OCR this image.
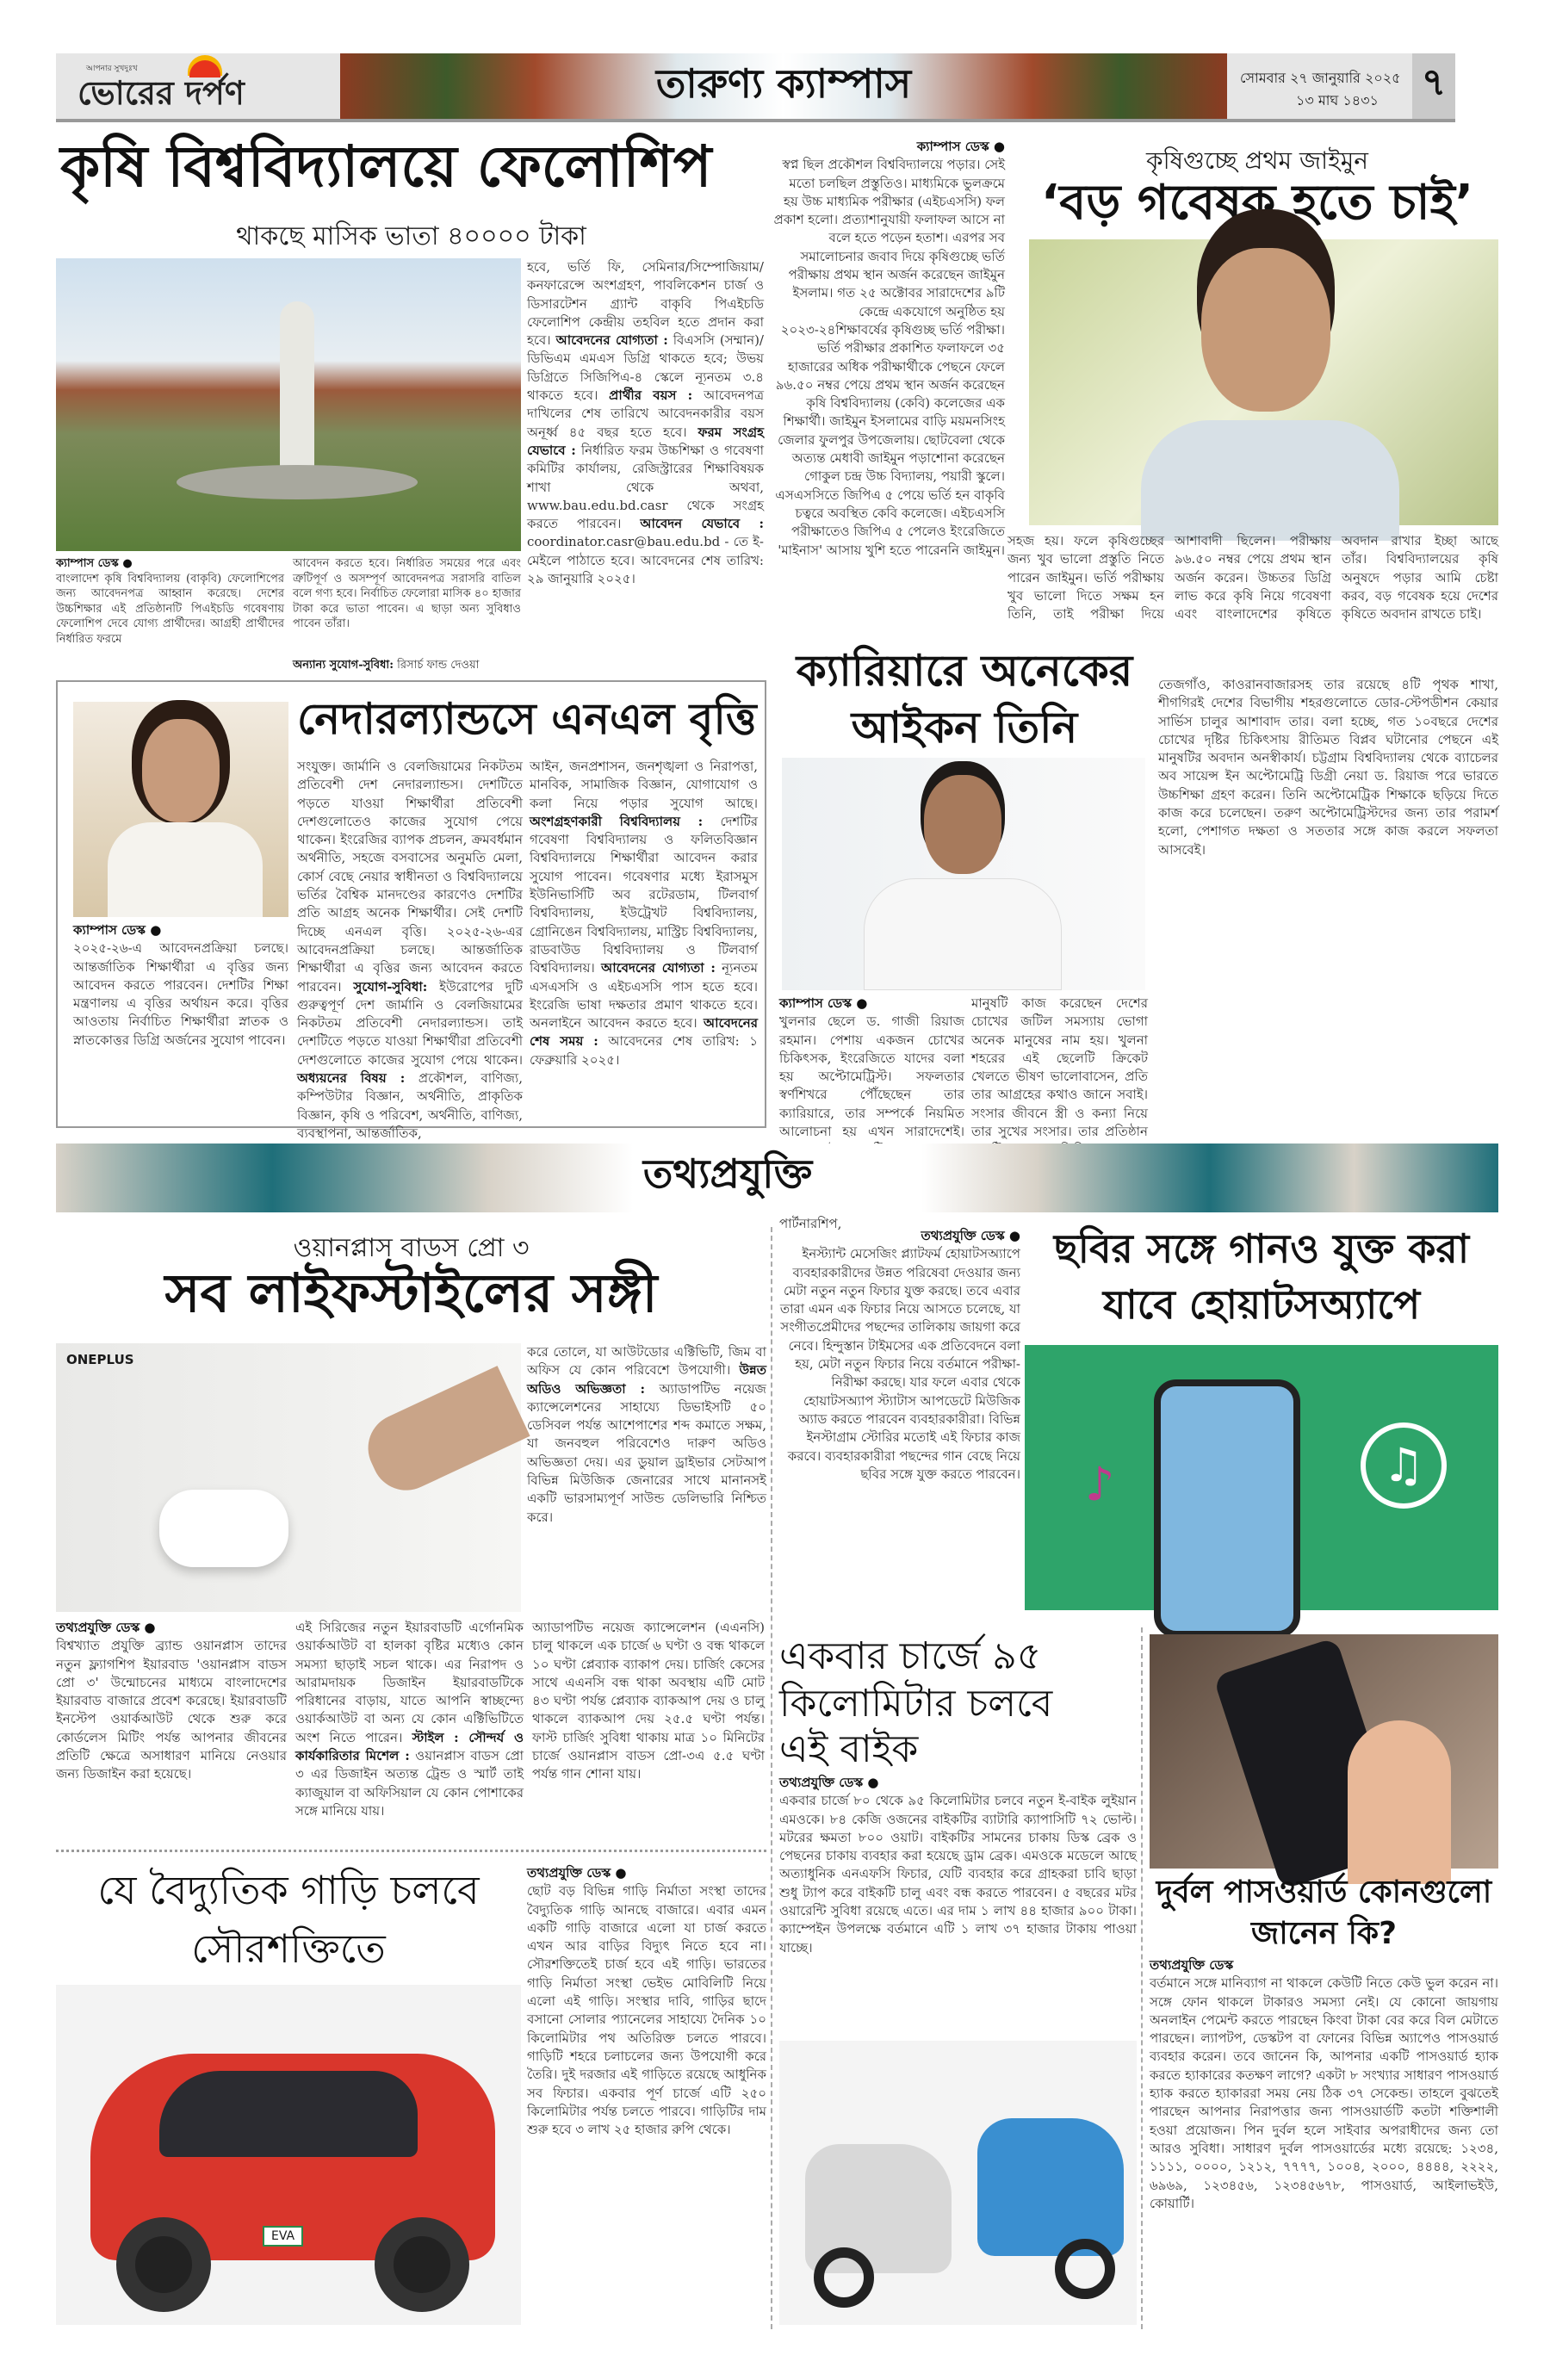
আপনার সুখদুঃখ
ভোরের দর্পণ	তারুণ্য ক্যাম্পাস	সোমবার ২৭ জানুয়ারি ২০২৫
১৩ মাঘ ১৪৩১ ৭
কৃষি বিশ্ববিদ্যালয়ে ফেলোশিপ
থাকছে মাসিক ভাতা ৪০০০০ টাকা
ক্যাম্পাস ডেস্ক ●
বাংলাদেশ কৃষি বিশ্ববিদ্যালয় (বাকৃবি) ফেলোশিপের জন্য আবেদনপত্র আহ্বান করেছে। দেশের উচ্চশিক্ষার এই প্রতিষ্ঠানটি পিএইচডি গবেষণায় ফেলোশিপ দেবে যোগ্য প্রার্থীদের। আগ্রহী প্রার্থীদের নির্ধারিত ফরমে
আবেদন করতে হবে। নির্ধারিত সময়ের পরে এবং ত্রুটিপূর্ণ ও অসম্পূর্ণ আবেদনপত্র সরাসরি বাতিল বলে গণ্য হবে। নির্বাচিত ফেলোরা মাসিক ৪০ হাজার টাকা করে ভাতা পাবেন। এ ছাড়া অন্য সুবিধাও পাবেন তাঁরা।
অন্যান্য সুযোগ-সুবিধা: রিসার্চ ফান্ড দেওয়া
হবে, ভর্তি ফি, সেমিনার/সিম্পোজিয়াম/কনফারেন্সে অংশগ্রহণ, পাবলিকেশন চার্জ ও ডিসারটেশন গ্র্যান্ট বাকৃবি পিএইচডি ফেলোশিপ কেন্দ্রীয় তহবিল হতে প্রদান করা হবে। আবেদনের যোগ্যতা : বিএসসি (সম্মান)/ডিভিএম এমএস ডিগ্রি থাকতে হবে; উভয় ডিগ্রিতে সিজিপিএ-৪ স্কেলে ন্যূনতম ৩.৪ থাকতে হবে। প্রার্থীর বয়স : আবেদনপত্র দাখিলের শেষ তারিখে আবেদনকারীর বয়স অনূর্ধ্ব ৪৫ বছর হতে হবে। ফরম সংগ্রহ যেভাবে : নির্ধারিত ফরম উচ্চশিক্ষা ও গবেষণা কমিটির কার্যালয়, রেজিস্ট্রারের শিক্ষাবিষয়ক শাখা থেকে অথবা, www.bau.edu.bd.casr থেকে সংগ্রহ করতে পারবেন। আবেদন যেভাবে : coordinator.casr@bau.edu.bd - তে ই-মেইলে পাঠাতে হবে। আবেদনের শেষ তারিখ: ২৯ জানুয়ারি ২০২৫।
ক্যাম্পাস ডেস্ক ●
স্বপ্ন ছিল প্রকৌশল বিশ্ববিদ্যালয়ে পড়ার। সেই মতো চলছিল প্রস্তুতিও। মাধ্যমিকে ভুলক্রমে হয় উচ্চ মাধ্যমিক পরীক্ষার (এইচএসসি) ফল প্রকাশ হলো। প্রত্যাশানুযায়ী ফলাফল আসে না বলে হতে পড়েন হতাশ। এরপর সব সমালোচনার জবাব দিয়ে কৃষিগুচ্ছে ভর্তি পরীক্ষায় প্রথম স্থান অর্জন করেছেন জাইমুন ইসলাম। গত ২৫ অক্টোবর সারাদেশের ৯টি কেন্দ্রে একযোগে অনুষ্ঠিত হয় ২০২৩-২৪শিক্ষাবর্ষের কৃষিগুচ্ছ ভর্তি পরীক্ষা। ভর্তি পরীক্ষার প্রকাশিত ফলাফলে ৩৫ হাজারের অধিক পরীক্ষার্থীকে পেছনে ফেলে ৯৬.৫০ নম্বর পেয়ে প্রথম স্থান অর্জন করেছেন কৃষি বিশ্ববিদ্যালয় (কেবি) কলেজের এক শিক্ষার্থী। জাইমুন ইসলামের বাড়ি ময়মনসিংহ জেলার ফুলপুর উপজেলায়। ছোটবেলা থেকে অত্যন্ত মেধাবী জাইমুন পড়াশোনা করেছেন গোকুল চন্দ্র উচ্চ বিদ্যালয়, পয়ারী স্কুলে। এসএসসিতে জিপিএ ৫ পেয়ে ভর্তি হন বাকৃবি চত্বরে অবস্থিত কেবি কলেজে। এইচএসসি পরীক্ষাতেও জিপিএ ৫ পেলেও ইংরেজিতে 'মাইনাস' আসায় খুশি হতে পারেননি জাইমুন।
কৃষিগুচ্ছে প্রথম জাইমুন
‘বড় গবেষক হতে চাই’
সহজ হয়। ফলে কৃষিগুচ্ছের জন্য খুব ভালো প্রস্তুতি নিতে পারেন জাইমুন। ভর্তি পরীক্ষায় খুব ভালো দিতে সক্ষম হন তিনি, তাই পরীক্ষা দিয়ে আশাবাদী ছিলেন। পরীক্ষায় ৯৬.৫০ নম্বর পেয়ে প্রথম স্থান অর্জন করেন। উচ্চতর ডিগ্রি লাভ করে কৃষি নিয়ে গবেষণা এবং বাংলাদেশের কৃষিতে অবদান রাখার ইচ্ছা আছে তাঁর। বিশ্ববিদ্যালয়ের কৃষি অনুষদে পড়ার আমি চেষ্টা করব, বড় গবেষক হয়ে দেশের কৃষিতে অবদান রাখতে চাই।
নেদারল্যান্ডসে এনএল বৃত্তি
ক্যাম্পাস ডেস্ক ●
২০২৫-২৬-এ আবেদনপ্রক্রিয়া চলছে। আন্তর্জাতিক শিক্ষার্থীরা এ বৃত্তির জন্য আবেদন করতে পারবেন। দেশটির শিক্ষা মন্ত্রণালয় এ বৃত্তির অর্থায়ন করে। বৃত্তির আওতায় নির্বাচিত শিক্ষার্থীরা স্নাতক ও স্নাতকোত্তর ডিগ্রি অর্জনের সুযোগ পাবেন।
সংযুক্ত। জার্মানি ও বেলজিয়ামের নিকটতম প্রতিবেশী দেশ নেদারল্যান্ডস। দেশটিতে পড়তে যাওয়া শিক্ষার্থীরা প্রতিবেশী দেশগুলোতেও কাজের সুযোগ পেয়ে থাকেন। ইংরেজির ব্যাপক প্রচলন, ক্রমবর্ধমান অর্থনীতি, সহজে বসবাসের অনুমতি মেলা, কোর্স বেছে নেয়ার স্বাধীনতা ও বিশ্ববিদ্যালয়ে ভর্তির বৈশ্বিক মানদণ্ডের কারণেও দেশটির প্রতি আগ্রহ অনেক শিক্ষার্থীর। সেই দেশটি দিচ্ছে এনএল বৃত্তি। ২০২৫-২৬-এর আবেদনপ্রক্রিয়া চলছে। আন্তর্জাতিক শিক্ষার্থীরা এ বৃত্তির জন্য আবেদন করতে পারবেন। সুযোগ-সুবিধা: ইউরোপের দুটি গুরুত্বপূর্ণ দেশ জার্মানি ও বেলজিয়ামের নিকটতম প্রতিবেশী নেদারল্যান্ডস। তাই দেশটিতে পড়তে যাওয়া শিক্ষার্থীরা প্রতিবেশী দেশগুলোতে কাজের সুযোগ পেয়ে থাকেন। অধ্যয়নের বিষয় : প্রকৌশল, বাণিজ্য, কম্পিউটার বিজ্ঞান, অর্থনীতি, প্রাকৃতিক বিজ্ঞান, কৃষি ও পরিবেশ, অর্থনীতি, বাণিজ্য, ব্যবস্থাপনা, আন্তর্জাতিক,
আইন, জনপ্রশাসন, জনশৃঙ্খলা ও নিরাপত্তা, মানবিক, সামাজিক বিজ্ঞান, যোগাযোগ ও কলা নিয়ে পড়ার সুযোগ আছে। অংশগ্রহণকারী বিশ্ববিদ্যালয় : দেশটির গবেষণা বিশ্ববিদ্যালয় ও ফলিতবিজ্ঞান বিশ্ববিদ্যালয়ে শিক্ষার্থীরা আবেদন করার সুযোগ পাবেন। গবেষণার মধ্যে ইরাসমুস ইউনিভার্সিটি অব রটেরডাম, টিলবার্গ বিশ্ববিদ্যালয়, ইউট্রেখট বিশ্ববিদ্যালয়, গ্রোনিঙেন বিশ্ববিদ্যালয়, মাস্ট্রিচ বিশ্ববিদ্যালয়, রাডবাউড বিশ্ববিদ্যালয় ও টিলবার্গ বিশ্ববিদ্যালয়। আবেদনের যোগ্যতা : ন্যূনতম এসএসসি ও এইচএসসি পাস হতে হবে। ইংরেজি ভাষা দক্ষতার প্রমাণ থাকতে হবে। অনলাইনে আবেদন করতে হবে। আবেদনের শেষ সময় : আবেদনের শেষ তারিখ: ১ ফেব্রুয়ারি ২০২৫।
ক্যারিয়ারে অনেকের
আইকন তিনি
ক্যাম্পাস ডেস্ক ●
খুলনার ছেলে ড. গাজী রিয়াজ রহমান। পেশায় একজন চোখের চিকিৎসক, ইংরেজিতে যাদের বলা হয় অপ্টোমেট্রিস্ট। সফলতার স্বর্ণশিখরে পৌঁছেছেন তার ক্যারিয়ারে, তার সম্পর্কে নিয়মিত আলোচনা হয় এখন সারাদেশেই। পার্টনারশিপ,
মানুষটি কাজ করেছেন দেশের চোখের জটিল সমস্যায় ভোগা অনেক মানুষের নাম হয়। খুলনা শহরের এই ছেলেটি ক্রিকেট খেলতে ভীষণ ভালোবাসেন, প্রতি তার আগ্রহের কথাও জানে সবাই। সংসার জীবনে স্ত্রী ও কন্যা নিয়ে তার সুখের সংসার। তার প্রতিষ্ঠান
তেজগাঁও, কাওরানবাজারসহ তার রয়েছে ৪টি পৃথক শাখা, শীগগিরই দেশের বিভাগীয় শহরগুলোতে ডোর-স্টেপডীশন কেয়ার সার্ভিস চালুর আশাবাদ তার। বলা হচ্ছে, গত ১০বছরে দেশের চোখের দৃষ্টির চিকিৎসায় রীতিমত বিপ্লব ঘটানোর পেছনে এই মানুষটির অবদান অনস্বীকার্য। চট্টগ্রাম বিশ্ববিদ্যালয় থেকে ব্যাচেলর অব সায়েন্স ইন অপ্টোমেট্রি ডিগ্রী নেয়া ড. রিয়াজ পরে ভারতে উচ্চশিক্ষা গ্রহণ করেন। তিনি অপ্টোমেট্রিক শিক্ষাকে ছড়িয়ে দিতে কাজ করে চলেছেন। তরুণ অপ্টোমেট্রিস্টদের জন্য তার পরামর্শ হলো, পেশাগত দক্ষতা ও সততার সঙ্গে কাজ করলে সফলতা আসবেই।
তথ্যপ্রযুক্তি
ওয়ানপ্লাস বাডস প্রো ৩
সব লাইফস্টাইলের সঙ্গী
ONEPLUS	করে তোলে, যা আউটডোর এক্টিভিটি, জিম বা অফিস যে কোন পরিবেশে উপযোগী। উন্নত অডিও অভিজ্ঞতা : অ্যাডাপটিভ নয়েজ ক্যান্সেলেশনের সাহায্যে ডিভাইসটি ৫০ ডেসিবল পর্যন্ত আশেপাশের শব্দ কমাতে সক্ষম, যা জনবহুল পরিবেশেও দারুণ অডিও অভিজ্ঞতা দেয়। এর ডুয়াল ড্রাইভার সেটআপ বিভিন্ন মিউজিক জেনারের সাথে মানানসই একটি ভারসাম্যপূর্ণ সাউন্ড ডেলিভারি নিশ্চিত করে।
তথ্যপ্রযুক্তি ডেস্ক ●
বিশ্বখ্যাত প্রযুক্তি ব্র্যান্ড ওয়ানপ্লাস তাদের নতুন ফ্ল্যাগশিপ ইয়ারবাড 'ওয়ানপ্লাস বাডস প্রো ৩' উন্মোচনের মাধ্যমে বাংলাদেশের ইয়ারবাড বাজারে প্রবেশ করেছে। ইয়ারবাডটি ইনস্টেপ ওয়ার্কআউট থেকে শুরু করে কোর্ডলেস মিটিং পর্যন্ত আপনার জীবনের প্রতিটি ক্ষেত্রে অসাধারণ মানিয়ে নেওয়ার জন্য ডিজাইন করা হয়েছে।
এই সিরিজের নতুন ইয়ারবাডটি এর্গোনমিক ওয়ার্কআউট বা হালকা বৃষ্টির মধ্যেও কোন সমস্যা ছাড়াই সচল থাকে। এর নিরাপদ ও আরামদায়ক ডিজাইন ইয়ারবাডটিকে পরিধানের বাড়ায়, যাতে আপনি স্বাচ্ছন্দ্যে ওয়ার্কআউট বা অন্য যে কোন এক্টিভিটিতে অংশ নিতে পারেন। স্টাইল : সৌন্দর্য ও কার্যকারিতার মিশেল : ওয়ানপ্লাস বাডস প্রো ৩ এর ডিজাইন অত্যন্ত ট্রেন্ড ও স্মার্ট তাই ক্যাজুয়াল বা অফিসিয়াল যে কোন পোশাকের সঙ্গে মানিয়ে যায়।
অ্যাডাপটিভ নয়েজ ক্যান্সেলেশন (এএনসি) চালু থাকলে এক চার্জে ৬ ঘণ্টা ও বন্ধ থাকলে ১০ ঘণ্টা প্লেব্যাক ব্যাকাপ দেয়। চার্জিং কেসের সাথে এএনসি বন্ধ থাকা অবস্থায় এটি মোট ৪৩ ঘণ্টা পর্যন্ত প্লেব্যাক ব্যাকআপ দেয় ও চালু থাকলে ব্যাকআপ দেয় ২৫.৫ ঘণ্টা পর্যন্ত। ফাস্ট চার্জিং সুবিধা থাকায় মাত্র ১০ মিনিটের চার্জে ওয়ানপ্লাস বাডস প্রো-৩এ ৫.৫ ঘণ্টা পর্যন্ত গান শোনা যায়।
তথ্যপ্রযুক্তি ডেস্ক ●
ইনস্ট্যান্ট মেসেজিং প্ল্যাটফর্ম হোয়াটসঅ্যাপে ব্যবহারকারীদের উন্নত পরিষেবা দেওয়ার জন্য মেটা নতুন নতুন ফিচার যুক্ত করছে। তবে এবার তারা এমন এক ফিচার নিয়ে আসতে চলেছে, যা সংগীতপ্রেমীদের পছন্দের তালিকায় জায়গা করে নেবে। হিন্দুস্তান টাইমসের এক প্রতিবেদনে বলা হয়, মেটা নতুন ফিচার নিয়ে বর্তমানে পরীক্ষা-নিরীক্ষা করছে। যার ফলে এবার থেকে হোয়াটসঅ্যাপ স্ট্যাটাস আপডেটে মিউজিক অ্যাড করতে পারবেন ব্যবহারকারীরা। বিভিন্ন ইনস্টাগ্রাম স্টোরির মতোই এই ফিচার কাজ করবে। ব্যবহারকারীরা পছন্দের গান বেছে নিয়ে ছবির সঙ্গে যুক্ত করতে পারবেন।
ছবির সঙ্গে গানও যুক্ত করা
যাবে হোয়াটসঅ্যাপে
♫
♪
একবার চার্জে ৯৫
কিলোমিটার চলবে
এই বাইক
তথ্যপ্রযুক্তি ডেস্ক ●
একবার চার্জে ৮০ থেকে ৯৫ কিলোমিটার চলবে নতুন ই-বাইক লুইয়ান এমওকে। ৮৪ কেজি ওজনের বাইকটির ব্যাটারি ক্যাপাসিটি ৭২ ভোল্ট। মটরের ক্ষমতা ৮০০ ওয়াট। বাইকটির সামনের চাকায় ডিস্ক ব্রেক ও পেছনের চাকায় ব্যবহার করা হয়েছে ড্রাম ব্রেক। এমওকে মডেলে আছে অত্যাধুনিক এনএফসি ফিচার, যেটি ব্যবহার করে গ্রাহকরা চাবি ছাড়া শুধু ট্যাপ করে বাইকটি চালু এবং বন্ধ করতে পারবেন। ৫ বছরের মটর ওয়ারেন্টি সুবিধা রয়েছে এতে। এর দাম ১ লাখ ৪৪ হাজার ৯০০ টাকা। ক্যাম্পেইন উপলক্ষে বর্তমানে এটি ১ লাখ ৩৭ হাজার টাকায় পাওয়া যাচ্ছে।
দুর্বল পাসওয়ার্ড কোনগুলো
জানেন কি?
তথ্যপ্রযুক্তি ডেস্ক
বর্তমানে সঙ্গে মানিব্যাগ না থাকলে কেউটি নিতে কেউ ভুল করেন না। সঙ্গে ফোন থাকলে টাকারও সমস্যা নেই। যে কোনো জায়গায় অনলাইন পেমেন্ট করতে পারছেন কিংবা টাকা বের করে বিল মেটাতে পারছেন। ল্যাপটপ, ডেস্কটপ বা ফোনের বিভিন্ন অ্যাপেও পাসওয়ার্ড ব্যবহার করেন। তবে জানেন কি, আপনার একটি পাসওয়ার্ড হ্যাক করতে হ্যাকারের কতক্ষণ লাগে? একটা ৮ সংখ্যার সাধারণ পাসওয়ার্ড হ্যাক করতে হ্যাকাররা সময় নেয় ঠিক ৩৭ সেকেন্ড। তাহলে বুঝতেই পারছেন আপনার নিরাপত্তার জন্য পাসওয়ার্ডটি কতটা শক্তিশালী হওয়া প্রয়োজন। পিন দুর্বল হলে সাইবার অপরাধীদের জন্য তো আরও সুবিধা। সাধারণ দুর্বল পাসওয়ার্ডের মধ্যে রয়েছে: ১২৩৪, ১১১১, ০০০০, ১২১২, ৭৭৭৭, ১০০৪, ২০০০, ৪৪৪৪, ২২২২, ৬৯৬৯, ১২৩৪৫৬, ১২৩৪৫৬৭৮, পাসওয়ার্ড, আইলাভইউ, কোয়ার্টি।
যে বৈদ্যুতিক গাড়ি চলবে
সৌরশক্তিতে
EVA
তথ্যপ্রযুক্তি ডেস্ক ●
ছোট বড় বিভিন্ন গাড়ি নির্মাতা সংস্থা তাদের বৈদ্যুতিক গাড়ি আনছে বাজারে। এবার এমন একটি গাড়ি বাজারে এলো যা চার্জ করতে এখন আর বাড়ির বিদ্যুৎ নিতে হবে না। সৌরশক্তিতেই চার্জ হবে এই গাড়ি। ভারতের গাড়ি নির্মাতা সংস্থা ভেইভ মোবিলিটি নিয়ে এলো এই গাড়ি। সংস্থার দাবি, গাড়ির ছাদে বসানো সোলার প্যানেলের সাহায্যে দৈনিক ১০ কিলোমিটার পথ অতিরিক্ত চলতে পারবে। গাড়িটি শহরে চলাচলের জন্য উপযোগী করে তৈরি। দুই দরজার এই গাড়িতে রয়েছে আধুনিক সব ফিচার। একবার পূর্ণ চার্জে এটি ২৫০ কিলোমিটার পর্যন্ত চলতে পারবে। গাড়িটির দাম শুরু হবে ৩ লাখ ২৫ হাজার রুপি থেকে।
